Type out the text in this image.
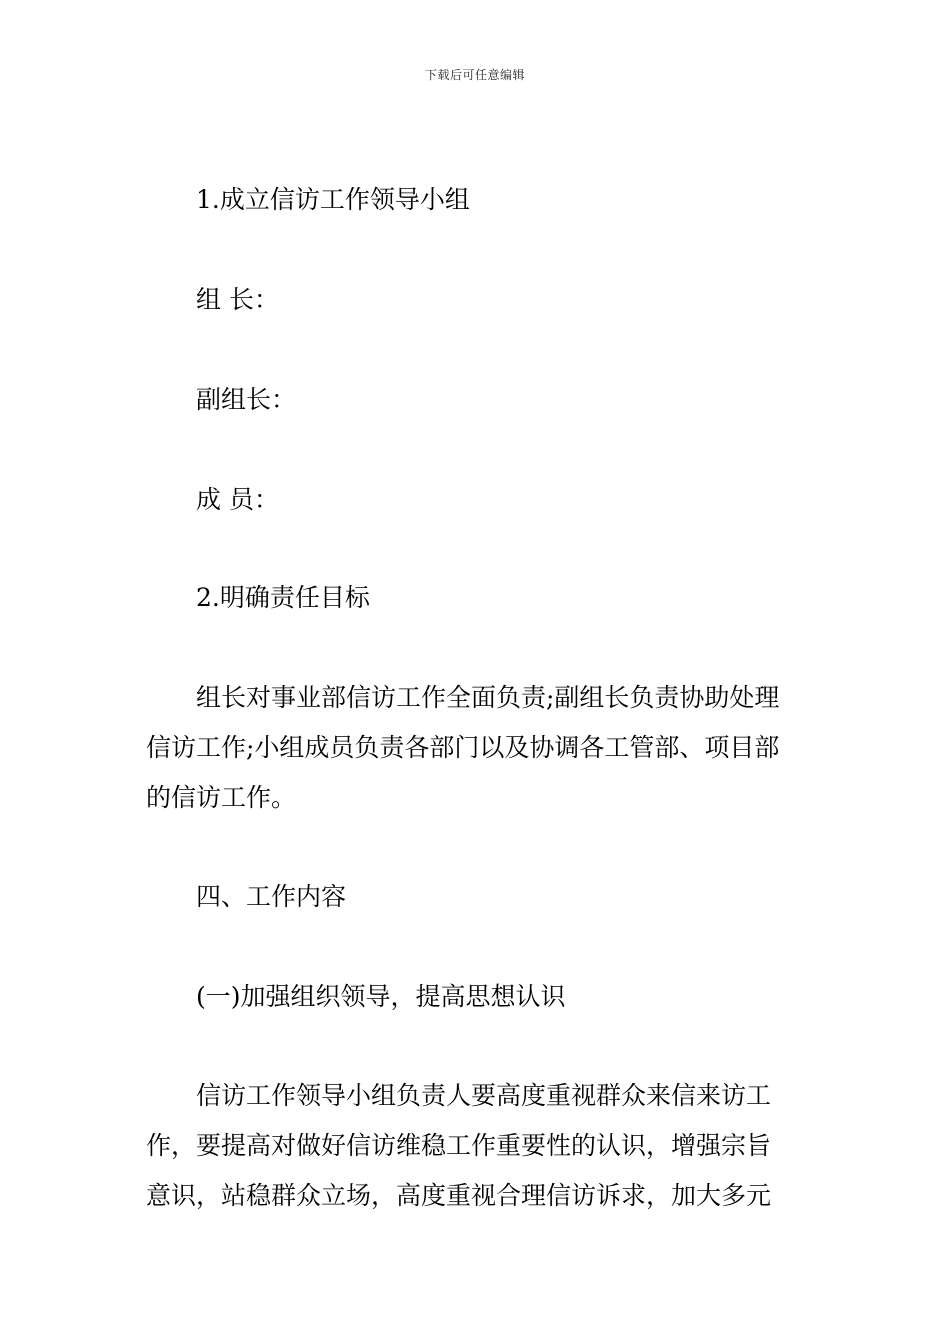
下载后可任意编辑

1.成立信访工作领导小组

组 长：

副组长：

成 员：

2.明确责任目标

组长对事业部信访工作全面负责;副组长负责协助处理

信访工作;小组成员负责各部门以及协调各工管部、项目部

的信访工作。

四、工作内容

(一)加强组织领导，提高思想认识

信访工作领导小组负责人要高度重视群众来信来访工

作，要提高对做好信访维稳工作重要性的认识，增强宗旨

意识，站稳群众立场，高度重视合理信访诉求，加大多元
